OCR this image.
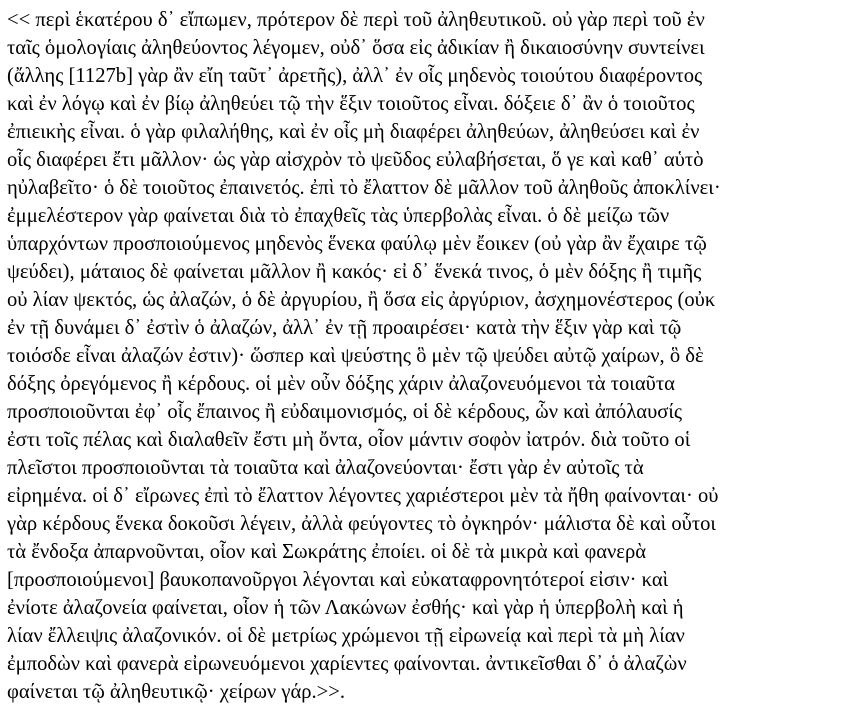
<< περὶ ἑκατέρου δ᾽ εἴπωμεν, πρότερον δὲ περὶ τοῦ ἀληθευτικοῦ. οὐ γὰρ περὶ τοῦ ἐν
ταῖς ὁμολογίαις ἀληθεύοντος λέγομεν, οὐδ᾽ ὅσα εἰς ἀδικίαν ἢ δικαιοσύνην συντείνει
(ἄλλης [1127b] γὰρ ἂν εἴη ταῦτ᾽ ἀρετῆς), ἀλλ᾽ ἐν οἷς μηδενὸς τοιούτου διαφέροντος
καὶ ἐν λόγῳ καὶ ἐν βίῳ ἀληθεύει τῷ τὴν ἕξιν τοιοῦτος εἶναι. δόξειε δ᾽ ἂν ὁ τοιοῦτος
ἐπιεικὴς εἶναι. ὁ γὰρ φιλαλήθης, καὶ ἐν οἷς μὴ διαφέρει ἀληθεύων, ἀληθεύσει καὶ ἐν
οἷς διαφέρει ἔτι μᾶλλον· ὡς γὰρ αἰσχρὸν τὸ ψεῦδος εὐλαβήσεται, ὅ γε καὶ καθ᾽ αὑτὸ
ηὐλαβεῖτο· ὁ δὲ τοιοῦτος ἐπαινετός. ἐπὶ τὸ ἔλαττον δὲ μᾶλλον τοῦ ἀληθοῦς ἀποκλίνει·
ἐμμελέστερον γὰρ φαίνεται διὰ τὸ ἐπαχθεῖς τὰς ὑπερβολὰς εἶναι. ὁ δὲ μείζω τῶν
ὑπαρχόντων προσποιούμενος μηδενὸς ἕνεκα φαύλῳ μὲν ἔοικεν (οὐ γὰρ ἂν ἔχαιρε τῷ
ψεύδει), μάταιος δὲ φαίνεται μᾶλλον ἢ κακός· εἰ δ᾽ ἕνεκά τινος, ὁ μὲν δόξης ἢ τιμῆς
οὐ λίαν ψεκτός, ὡς ἀλαζών, ὁ δὲ ἀργυρίου, ἢ ὅσα εἰς ἀργύριον, ἀσχημονέστερος (οὐκ
ἐν τῇ δυνάμει δ᾽ ἐστὶν ὁ ἀλαζών, ἀλλ᾽ ἐν τῇ προαιρέσει· κατὰ τὴν ἕξιν γὰρ καὶ τῷ
τοιόσδε εἶναι ἀλαζών ἐστιν)· ὥσπερ καὶ ψεύστης ὃ μὲν τῷ ψεύδει αὐτῷ χαίρων, ὃ δὲ
δόξης ὀρεγόμενος ἢ κέρδους. οἱ μὲν οὖν δόξης χάριν ἀλαζονευόμενοι τὰ τοιαῦτα
προσποιοῦνται ἐφ᾽ οἷς ἔπαινος ἢ εὐδαιμονισμός, οἱ δὲ κέρδους, ὧν καὶ ἀπόλαυσίς
ἐστι τοῖς πέλας καὶ διαλαθεῖν ἔστι μὴ ὄντα, οἷον μάντιν σοφὸν ἰατρόν. διὰ τοῦτο οἱ
πλεῖστοι προσποιοῦνται τὰ τοιαῦτα καὶ ἀλαζονεύονται· ἔστι γὰρ ἐν αὐτοῖς τὰ
εἰρημένα. οἱ δ᾽ εἴρωνες ἐπὶ τὸ ἔλαττον λέγοντες χαριέστεροι μὲν τὰ ἤθη φαίνονται· οὐ
γὰρ κέρδους ἕνεκα δοκοῦσι λέγειν, ἀλλὰ φεύγοντες τὸ ὀγκηρόν· μάλιστα δὲ καὶ οὗτοι
τὰ ἔνδοξα ἀπαρνοῦνται, οἷον καὶ Σωκράτης ἐποίει. οἱ δὲ τὰ μικρὰ καὶ φανερὰ
[προσποιούμενοι] βαυκοπανοῦργοι λέγονται καὶ εὐκαταφρονητότεροί εἰσιν· καὶ
ἐνίοτε ἀλαζονεία φαίνεται, οἷον ἡ τῶν Λακώνων ἐσθής· καὶ γὰρ ἡ ὑπερβολὴ καὶ ἡ
λίαν ἔλλειψις ἀλαζονικόν. οἱ δὲ μετρίως χρώμενοι τῇ εἰρωνείᾳ καὶ περὶ τὰ μὴ λίαν
ἐμποδὼν καὶ φανερὰ εἰρωνευόμενοι χαρίεντες φαίνονται. ἀντικεῖσθαι δ᾽ ὁ ἀλαζὼν
φαίνεται τῷ ἀληθευτικῷ· χείρων γάρ.>>.
